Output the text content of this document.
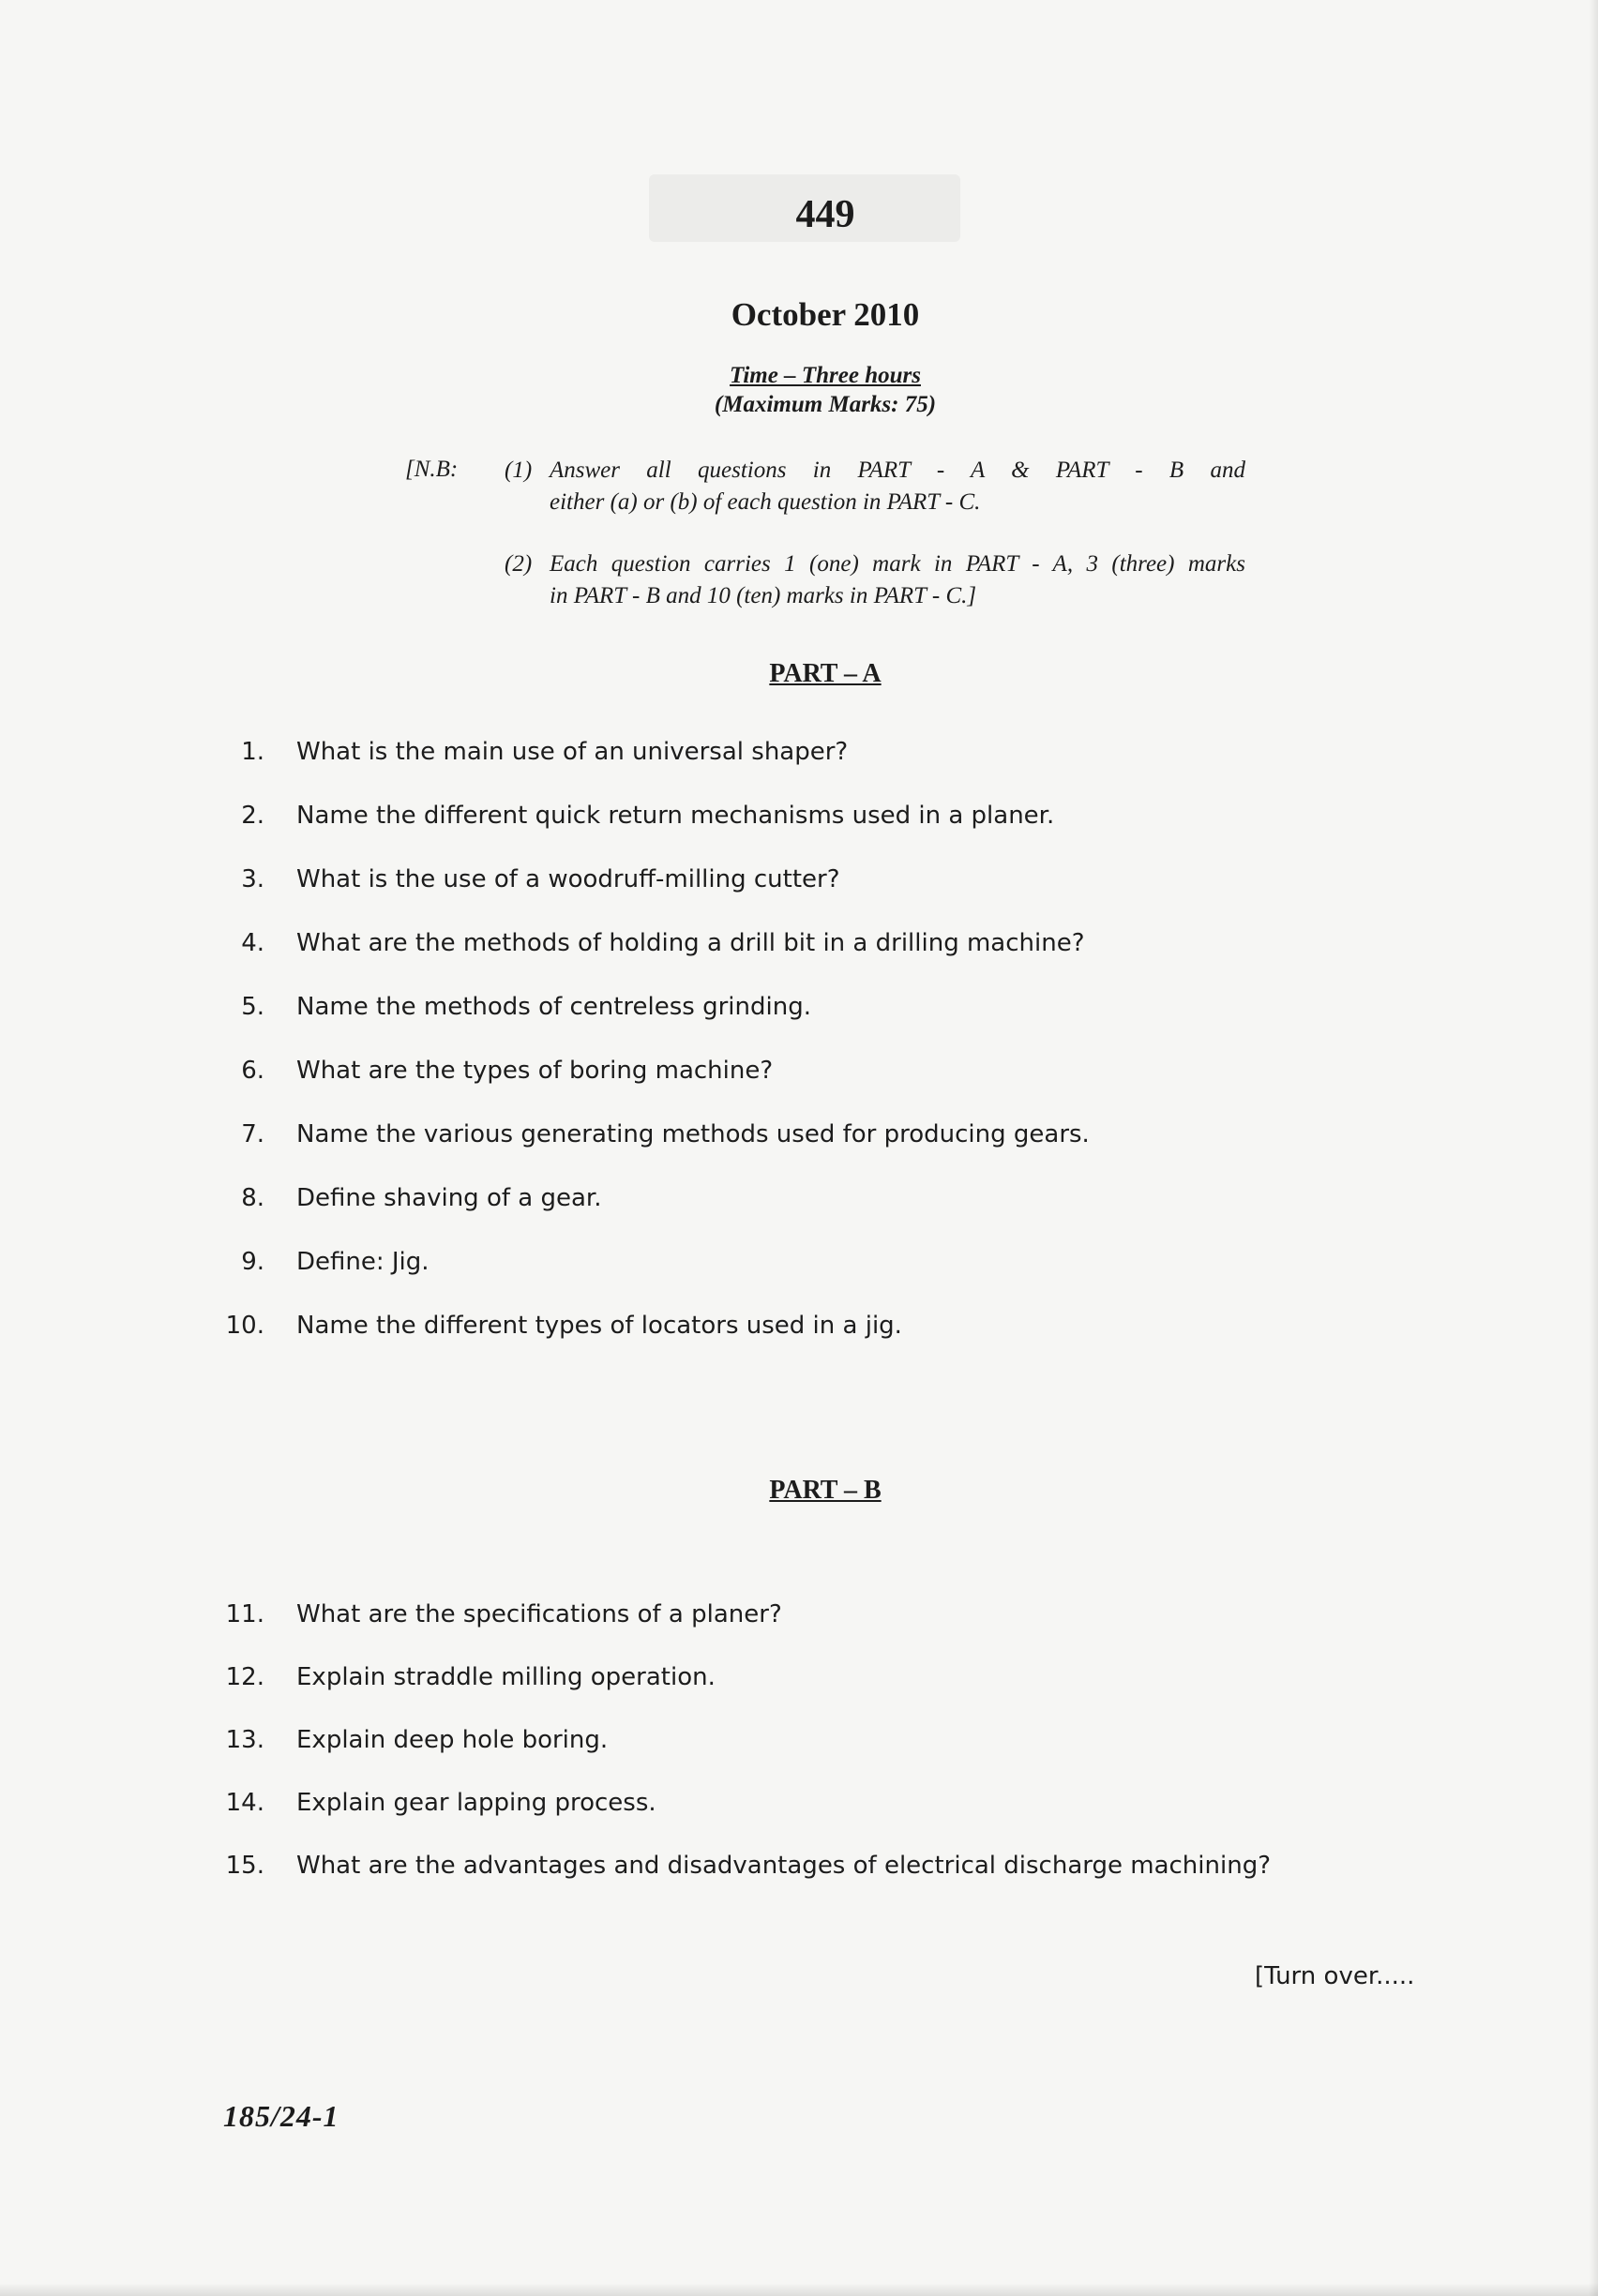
449
October 2010
Time – Three hours
(Maximum Marks: 75)
[N.B: (1) Answer all questions in PART - A & PART - B and
either (a) or (b) of each question in PART - C.
(2) Each question carries 1 (one) mark in PART - A, 3 (three) marks
in PART - B and 10 (ten) marks in PART - C.]
PART – A
1. What is the main use of an universal shaper?
2. Name the different quick return mechanisms used in a planer.
3. What is the use of a woodruff-milling cutter?
4. What are the methods of holding a drill bit in a drilling machine?
5. Name the methods of centreless grinding.
6. What are the types of boring machine?
7. Name the various generating methods used for producing gears.
8. Define shaving of a gear.
9. Define: Jig.
10. Name the different types of locators used in a jig.
PART – B
11. What are the specifications of a planer?
12. Explain straddle milling operation.
13. Explain deep hole boring.
14. Explain gear lapping process.
15. What are the advantages and disadvantages of electrical discharge machining?
[Turn over.....
185/24-1
